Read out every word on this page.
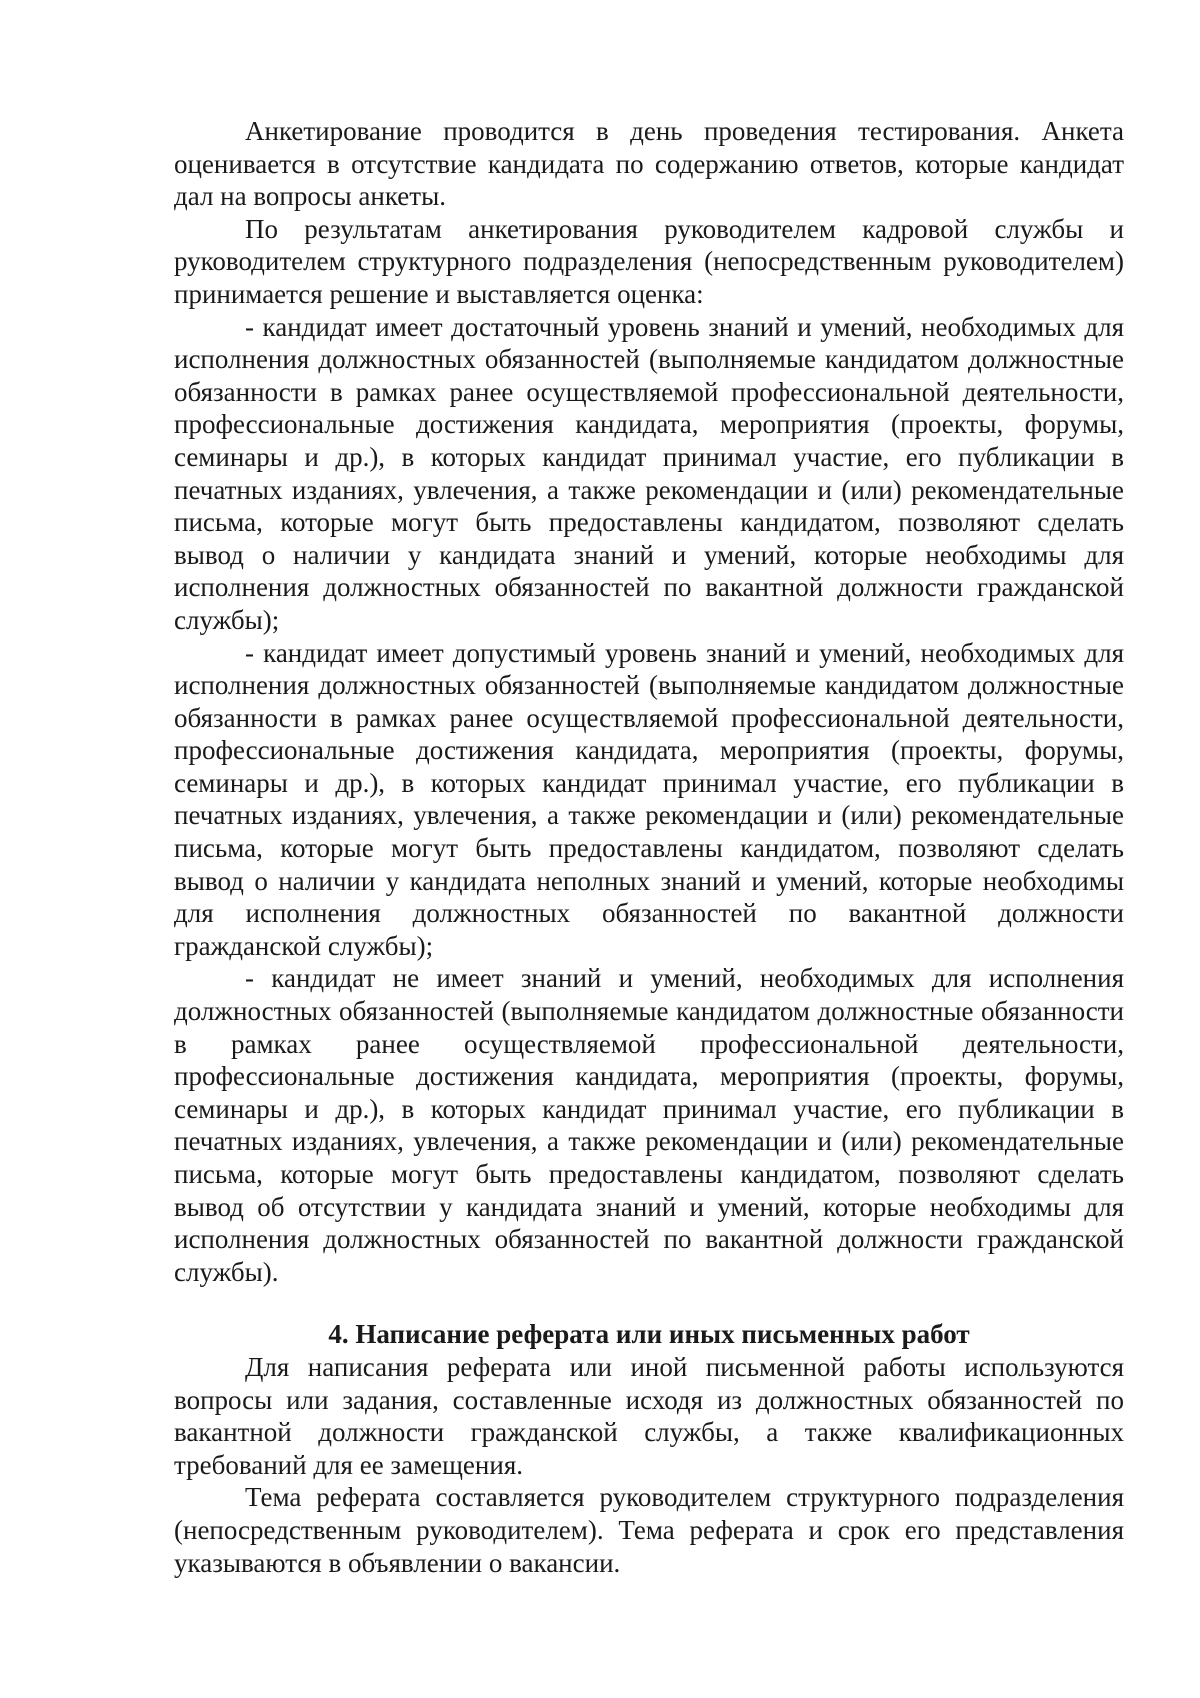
Анкетирование проводится в день проведения тестирования. Анкета оценивается в отсутствие кандидата по содержанию ответов, которые кандидат дал на вопросы анкеты.

По результатам анкетирования руководителем кадровой службы и руководителем структурного подразделения (непосредственным руководителем) принимается решение и выставляется оценка:

- кандидат имеет достаточный уровень знаний и умений, необходимых для исполнения должностных обязанностей (выполняемые кандидатом должностные обязанности в рамках ранее осуществляемой профессиональной деятельности, профессиональные достижения кандидата, мероприятия (проекты, форумы, семинары и др.), в которых кандидат принимал участие, его публикации в печатных изданиях, увлечения, а также рекомендации и (или) рекомендательные письма, которые могут быть предоставлены кандидатом, позволяют сделать вывод о наличии у кандидата знаний и умений, которые необходимы для исполнения должностных обязанностей по вакантной должности гражданской службы);

- кандидат имеет допустимый уровень знаний и умений, необходимых для исполнения должностных обязанностей (выполняемые кандидатом должностные обязанности в рамках ранее осуществляемой профессиональной деятельности, профессиональные достижения кандидата, мероприятия (проекты, форумы, семинары и др.), в которых кандидат принимал участие, его публикации в печатных изданиях, увлечения, а также рекомендации и (или) рекомендательные письма, которые могут быть предоставлены кандидатом, позволяют сделать вывод о наличии у кандидата неполных знаний и умений, которые необходимы для исполнения должностных обязанностей по вакантной должности гражданской службы);

- кандидат не имеет знаний и умений, необходимых для исполнения должностных обязанностей (выполняемые кандидатом должностные обязанности в рамках ранее осуществляемой профессиональной деятельности, профессиональные достижения кандидата, мероприятия (проекты, форумы, семинары и др.), в которых кандидат принимал участие, его публикации в печатных изданиях, увлечения, а также рекомендации и (или) рекомендательные письма, которые могут быть предоставлены кандидатом, позволяют сделать вывод об отсутствии у кандидата знаний и умений, которые необходимы для исполнения должностных обязанностей по вакантной должности гражданской службы).

4. Написание реферата или иных письменных работ

Для написания реферата или иной письменной работы используются вопросы или задания, составленные исходя из должностных обязанностей по вакантной должности гражданской службы, а также квалификационных требований для ее замещения.

Тема реферата составляется руководителем структурного подразделения (непосредственным руководителем). Тема реферата и срок его представления указываются в объявлении о вакансии.
